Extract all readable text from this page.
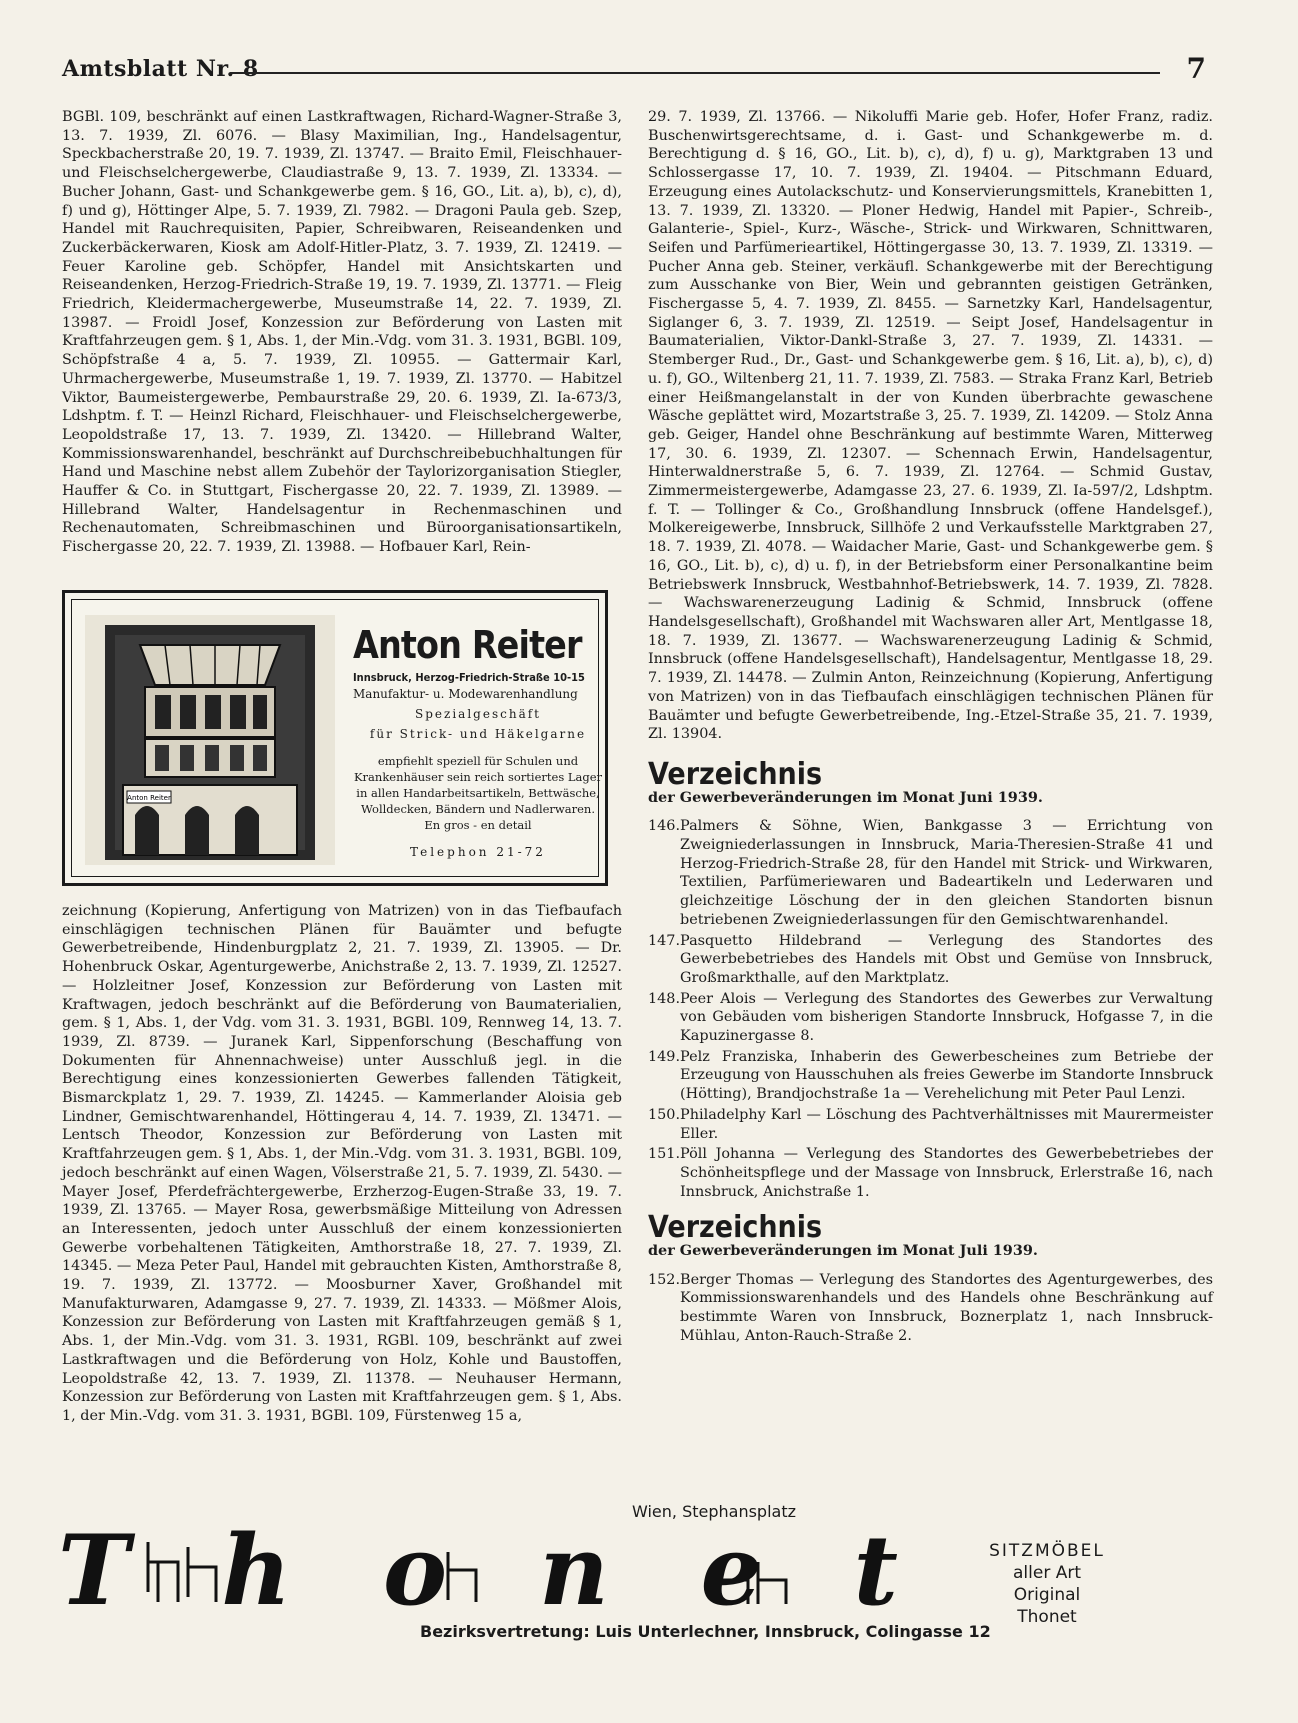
Amtsblatt Nr. 8	7

BGBl. 109, beschränkt auf einen Lastkraftwagen, Richard-Wagner-Straße 3, 13. 7. 1939, Zl. 6076. — Blasy Maximilian, Ing., Handelsagentur, Speckbacherstraße 20, 19. 7. 1939, Zl. 13747. — Braito Emil, Fleischhauer- und Fleischselchergewerbe, Claudiastraße 9, 13. 7. 1939, Zl. 13334. — Bucher Johann, Gast- und Schankgewerbe gem. § 16, GO., Lit. a), b), c), d), f) und g), Höttinger Alpe, 5. 7. 1939, Zl. 7982. — Dragoni Paula geb. Szep, Handel mit Rauchrequisiten, Papier, Schreibwaren, Reiseandenken und Zuckerbäckerwaren, Kiosk am Adolf-Hitler-Platz, 3. 7. 1939, Zl. 12419. — Feuer Karoline geb. Schöpfer, Handel mit Ansichtskarten und Reiseandenken, Herzog-Friedrich-Straße 19, 19. 7. 1939, Zl. 13771. — Fleig Friedrich, Kleidermachergewerbe, Museumstraße 14, 22. 7. 1939, Zl. 13987. — Froidl Josef, Konzession zur Beförderung von Lasten mit Kraftfahrzeugen gem. § 1, Abs. 1, der Min.-Vdg. vom 31. 3. 1931, BGBl. 109, Schöpfstraße 4 a, 5. 7. 1939, Zl. 10955. — Gattermair Karl, Uhrmachergewerbe, Museumstraße 1, 19. 7. 1939, Zl. 13770. — Habitzel Viktor, Baumeistergewerbe, Pembaurstraße 29, 20. 6. 1939, Zl. Ia-673/3, Ldshptm. f. T. — Heinzl Richard, Fleischhauer- und Fleischselchergewerbe, Leopoldstraße 17, 13. 7. 1939, Zl. 13420. — Hillebrand Walter, Kommissionswarenhandel, beschränkt auf Durchschreibebuchhaltungen für Hand und Maschine nebst allem Zubehör der Taylorizorganisation Stiegler, Hauffer & Co. in Stuttgart, Fischergasse 20, 22. 7. 1939, Zl. 13989. — Hillebrand Walter, Handelsagentur in Rechenmaschinen und Rechenautomaten, Schreibmaschinen und Büroorganisationsartikeln, Fischergasse 20, 22. 7. 1939, Zl. 13988. — Hofbauer Karl, Rein-

Anton Reiter
Anton Reiter
Innsbruck, Herzog-Friedrich-Straße 10-15
Manufaktur- u. Modewarenhandlung
Spezialgeschäft
für Strick- und Häkelgarne
empfiehlt speziell für Schulen und Krankenhäuser sein reich sortiertes Lager in allen Handarbeitsartikeln, Bettwäsche, Wolldecken, Bändern und Nadlerwaren. En gros - en detail
Telephon 21-72

zeichnung (Kopierung, Anfertigung von Matrizen) von in das Tiefbaufach einschlägigen technischen Plänen für Bauämter und befugte Gewerbetreibende, Hindenburgplatz 2, 21. 7. 1939, Zl. 13905. — Dr. Hohenbruck Oskar, Agenturgewerbe, Anichstraße 2, 13. 7. 1939, Zl. 12527. — Holzleitner Josef, Konzession zur Beförderung von Lasten mit Kraftwagen, jedoch beschränkt auf die Beförderung von Baumaterialien, gem. § 1, Abs. 1, der Vdg. vom 31. 3. 1931, BGBl. 109, Rennweg 14, 13. 7. 1939, Zl. 8739. — Juranek Karl, Sippenforschung (Beschaffung von Dokumenten für Ahnennachweise) unter Ausschluß jegl. in die Berechtigung eines konzessionierten Gewerbes fallenden Tätigkeit, Bismarckplatz 1, 29. 7. 1939, Zl. 14245. — Kammerlander Aloisia geb Lindner, Gemischtwarenhandel, Höttingerau 4, 14. 7. 1939, Zl. 13471. — Lentsch Theodor, Konzession zur Beförderung von Lasten mit Kraftfahrzeugen gem. § 1, Abs. 1, der Min.-Vdg. vom 31. 3. 1931, BGBl. 109, jedoch beschränkt auf einen Wagen, Völserstraße 21, 5. 7. 1939, Zl. 5430. — Mayer Josef, Pferdefrächtergewerbe, Erzherzog-Eugen-Straße 33, 19. 7. 1939, Zl. 13765. — Mayer Rosa, gewerbsmäßige Mitteilung von Adressen an Interessenten, jedoch unter Ausschluß der einem konzessionierten Gewerbe vorbehaltenen Tätigkeiten, Amthorstraße 18, 27. 7. 1939, Zl. 14345. — Meza Peter Paul, Handel mit gebrauchten Kisten, Amthorstraße 8, 19. 7. 1939, Zl. 13772. — Moosburner Xaver, Großhandel mit Manufakturwaren, Adamgasse 9, 27. 7. 1939, Zl. 14333. — Mößmer Alois, Konzession zur Beförderung von Lasten mit Kraftfahrzeugen gemäß § 1, Abs. 1, der Min.-Vdg. vom 31. 3. 1931, RGBl. 109, beschränkt auf zwei Lastkraftwagen und die Beförderung von Holz, Kohle und Baustoffen, Leopoldstraße 42, 13. 7. 1939, Zl. 11378. — Neuhauser Hermann, Konzession zur Beförderung von Lasten mit Kraftfahrzeugen gem. § 1, Abs. 1, der Min.-Vdg. vom 31. 3. 1931, BGBl. 109, Fürstenweg 15 a,

29. 7. 1939, Zl. 13766. — Nikoluffi Marie geb. Hofer, Hofer Franz, radiz. Buschenwirtsgerechtsame, d. i. Gast- und Schankgewerbe m. d. Berechtigung d. § 16, GO., Lit. b), c), d), f) u. g), Marktgraben 13 und Schlossergasse 17, 10. 7. 1939, Zl. 19404. — Pitschmann Eduard, Erzeugung eines Autolackschutz- und Konservierungsmittels, Kranebitten 1, 13. 7. 1939, Zl. 13320. — Ploner Hedwig, Handel mit Papier-, Schreib-, Galanterie-, Spiel-, Kurz-, Wäsche-, Strick- und Wirkwaren, Schnittwaren, Seifen und Parfümerieartikel, Höttingergasse 30, 13. 7. 1939, Zl. 13319. — Pucher Anna geb. Steiner, verkäufl. Schankgewerbe mit der Berechtigung zum Ausschanke von Bier, Wein und gebrannten geistigen Getränken, Fischergasse 5, 4. 7. 1939, Zl. 8455. — Sarnetzky Karl, Handelsagentur, Siglanger 6, 3. 7. 1939, Zl. 12519. — Seipt Josef, Handelsagentur in Baumaterialien, Viktor-Dankl-Straße 3, 27. 7. 1939, Zl. 14331. — Stemberger Rud., Dr., Gast- und Schankgewerbe gem. § 16, Lit. a), b), c), d) u. f), GO., Wiltenberg 21, 11. 7. 1939, Zl. 7583. — Straka Franz Karl, Betrieb einer Heißmangelanstalt in der von Kunden überbrachte gewaschene Wäsche geplättet wird, Mozartstraße 3, 25. 7. 1939, Zl. 14209. — Stolz Anna geb. Geiger, Handel ohne Beschränkung auf bestimmte Waren, Mitterweg 17, 30. 6. 1939, Zl. 12307. — Schennach Erwin, Handelsagentur, Hinterwaldnerstraße 5, 6. 7. 1939, Zl. 12764. — Schmid Gustav, Zimmermeistergewerbe, Adamgasse 23, 27. 6. 1939, Zl. Ia-597/2, Ldshptm. f. T. — Tollinger & Co., Großhandlung Innsbruck (offene Handelsgef.), Molkereigewerbe, Innsbruck, Sillhöfe 2 und Verkaufsstelle Marktgraben 27, 18. 7. 1939, Zl. 4078. — Waidacher Marie, Gast- und Schankgewerbe gem. § 16, GO., Lit. b), c), d) u. f), in der Betriebsform einer Personalkantine beim Betriebswerk Innsbruck, Westbahnhof-Betriebswerk, 14. 7. 1939, Zl. 7828. — Wachswarenerzeugung Ladinig & Schmid, Innsbruck (offene Handelsgesellschaft), Großhandel mit Wachswaren aller Art, Mentlgasse 18, 18. 7. 1939, Zl. 13677. — Wachswarenerzeugung Ladinig & Schmid, Innsbruck (offene Handelsgesellschaft), Handelsagentur, Mentlgasse 18, 29. 7. 1939, Zl. 14478. — Zulmin Anton, Reinzeichnung (Kopierung, Anfertigung von Matrizen) von in das Tiefbaufach einschlägigen technischen Plänen für Bauämter und befugte Gewerbetreibende, Ing.-Etzel-Straße 35, 21. 7. 1939, Zl. 13904.

Verzeichnis
der Gewerbeveränderungen im Monat Juni 1939.
146. Palmers & Söhne, Wien, Bankgasse 3 — Errichtung von Zweigniederlassungen in Innsbruck, Maria-Theresien-Straße 41 und Herzog-Friedrich-Straße 28, für den Handel mit Strick- und Wirkwaren, Textilien, Parfümeriewaren und Badeartikeln und Lederwaren und gleichzeitige Löschung der in den gleichen Standorten bisnun betriebenen Zweigniederlassungen für den Gemischtwarenhandel.
147. Pasquetto Hildebrand — Verlegung des Standortes des Gewerbebetriebes des Handels mit Obst und Gemüse von Innsbruck, Großmarkthalle, auf den Marktplatz.
148. Peer Alois — Verlegung des Standortes des Gewerbes zur Verwaltung von Gebäuden vom bisherigen Standorte Innsbruck, Hofgasse 7, in die Kapuzinergasse 8.
149. Pelz Franziska, Inhaberin des Gewerbescheines zum Betriebe der Erzeugung von Hausschuhen als freies Gewerbe im Standorte Innsbruck (Hötting), Brandjochstraße 1a — Verehelichung mit Peter Paul Lenzi.
150. Philadelphy Karl — Löschung des Pachtverhältnisses mit Maurermeister Eller.
151. Pöll Johanna — Verlegung des Standortes des Gewerbebetriebes der Schönheitspflege und der Massage von Innsbruck, Erlerstraße 16, nach Innsbruck, Anichstraße 1.
Verzeichnis
der Gewerbeveränderungen im Monat Juli 1939.
152. Berger Thomas — Verlegung des Standortes des Agenturgewerbes, des Kommissionswarenhandels und des Handels ohne Beschränkung auf bestimmte Waren von Innsbruck, Boznerplatz 1, nach Innsbruck-Mühlau, Anton-Rauch-Straße 2.
Wien, Stephansplatz
Thonet	SITZMÖBEL
aller Art
Original Thonet
Bezirksvertretung: Luis Unterlechner, Innsbruck, Colingasse 12
